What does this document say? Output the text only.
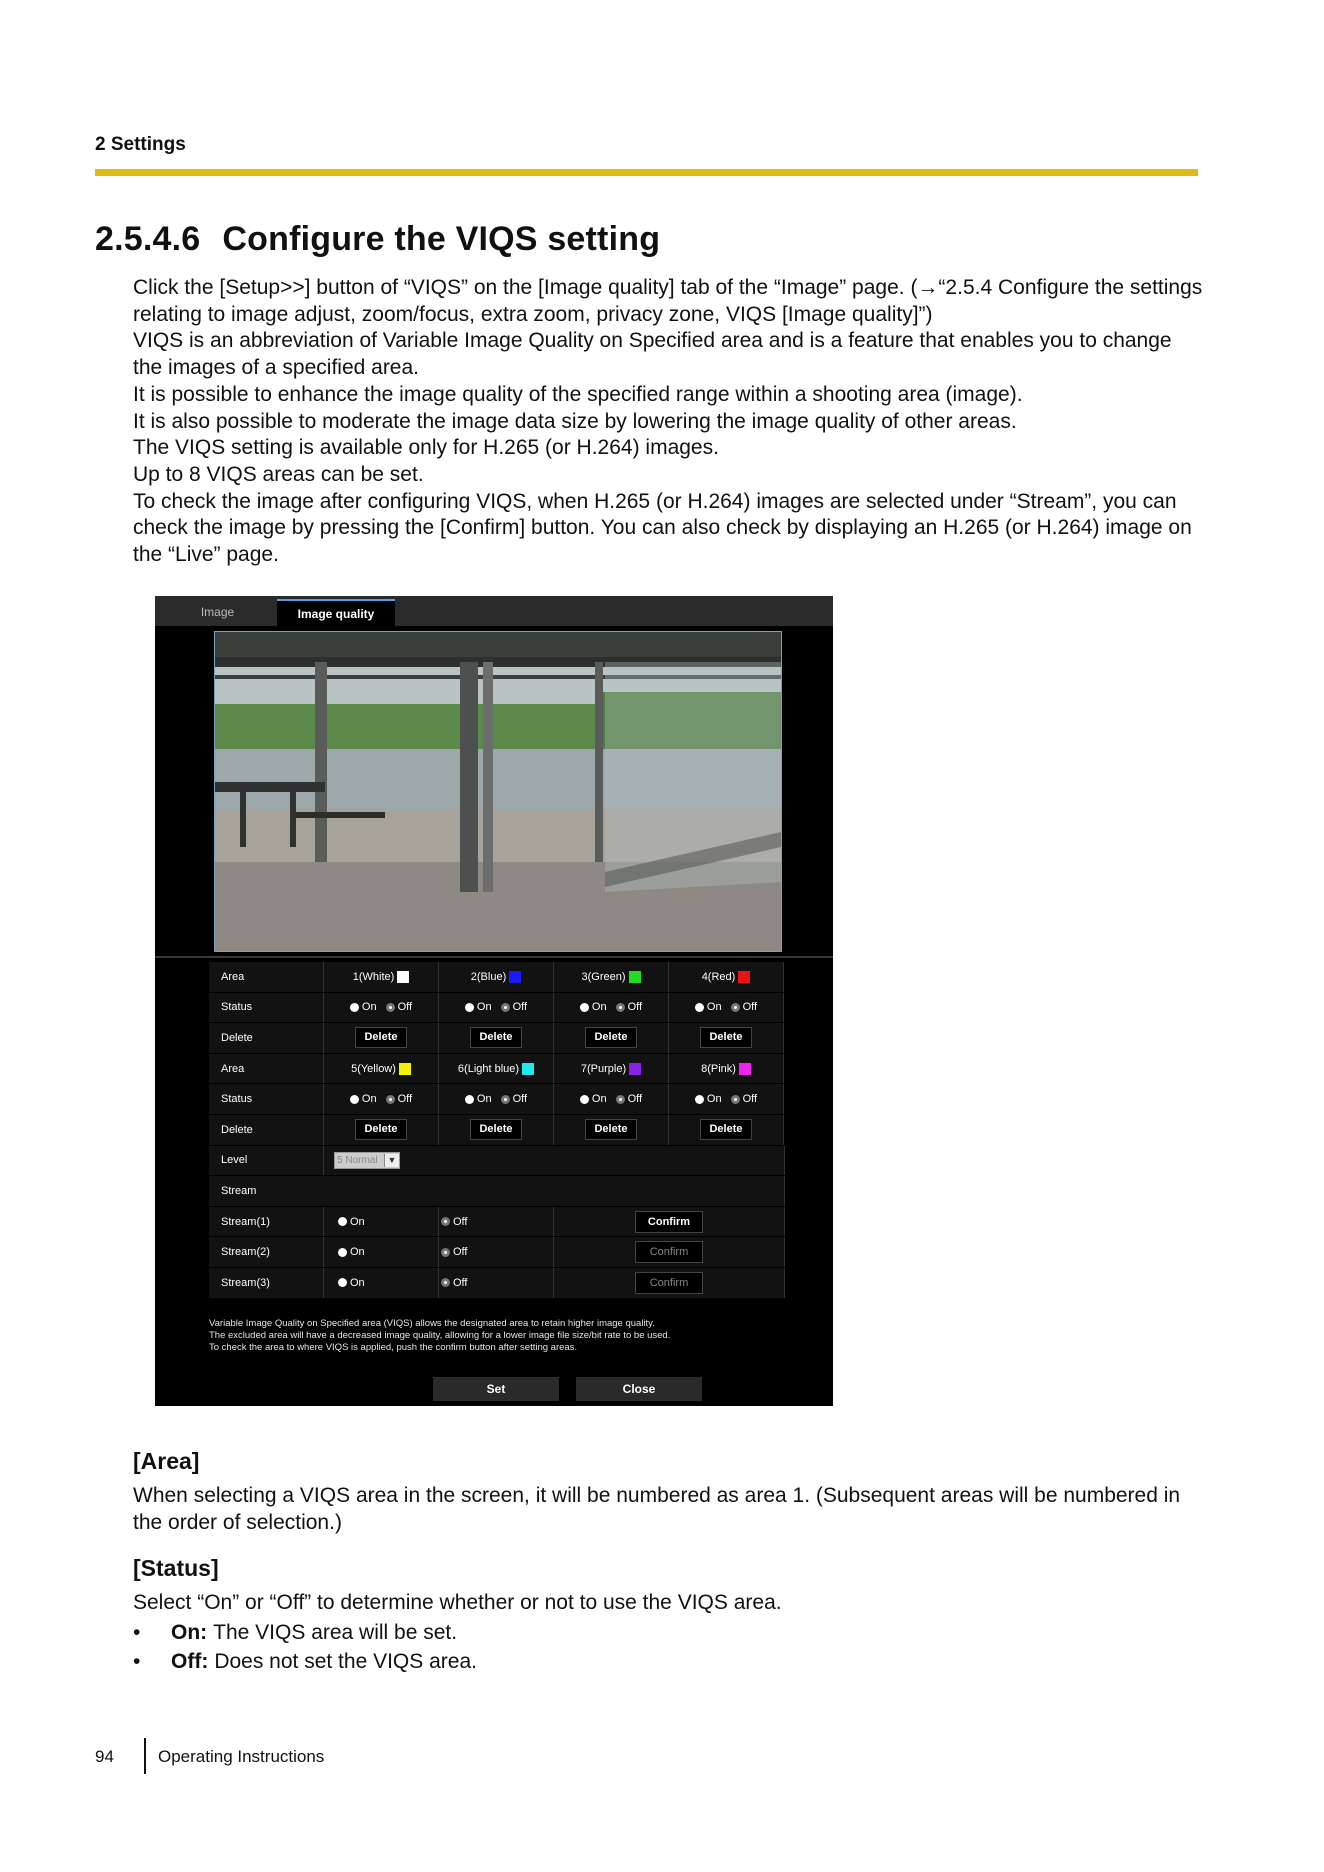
2 Settings
2.5.4.6 Configure the VIQS setting

Click the [Setup>>] button of “VIQS” on the [Image quality] tab of the “Image” page. (→“2.5.4 Configure the settings relating to image adjust, zoom/focus, extra zoom, privacy zone, VIQS [Image quality]”)

VIQS is an abbreviation of Variable Image Quality on Specified area and is a feature that enables you to change the images of a specified area.

It is possible to enhance the image quality of the specified range within a shooting area (image).

It is also possible to moderate the image data size by lowering the image quality of other areas.

The VIQS setting is available only for H.265 (or H.264) images.

Up to 8 VIQS areas can be set.

To check the image after configuring VIQS, when H.265 (or H.264) images are selected under “Stream”, you can check the image by pressing the [Confirm] button. You can also check by displaying an H.265 (or H.264) image on the “Live” page.

Image	Image quality
Area	1(White)	2(Blue)	3(Green)	4(Red)
Status	On Off	On Off	On Off	On Off
Delete	Delete	Delete	Delete	Delete
Area	5(Yellow)	6(Light blue)	7(Purple)	8(Pink)
Status	On Off	On Off	On Off	On Off
Delete	Delete	Delete	Delete	Delete
Level	5 Normal	▼
Stream
Stream(1)	On	Off	Confirm
Stream(2)	On	Off	Confirm
Stream(3)	On	Off	Confirm

Variable Image Quality on Specified area (VIQS) allows the designated area to retain higher image quality.

The excluded area will have a decreased image quality, allowing for a lower image file size/bit rate to be used.

To check the area to where VIQS is applied, push the confirm button after setting areas.

Set	Close
[Area]

When selecting a VIQS area in the screen, it will be numbered as area 1. (Subsequent areas will be numbered in the order of selection.)

[Status]

Select “On” or “Off” to determine whether or not to use the VIQS area.

•	On: The VIQS area will be set.
•	Off: Does not set the VIQS area.
94	Operating Instructions
